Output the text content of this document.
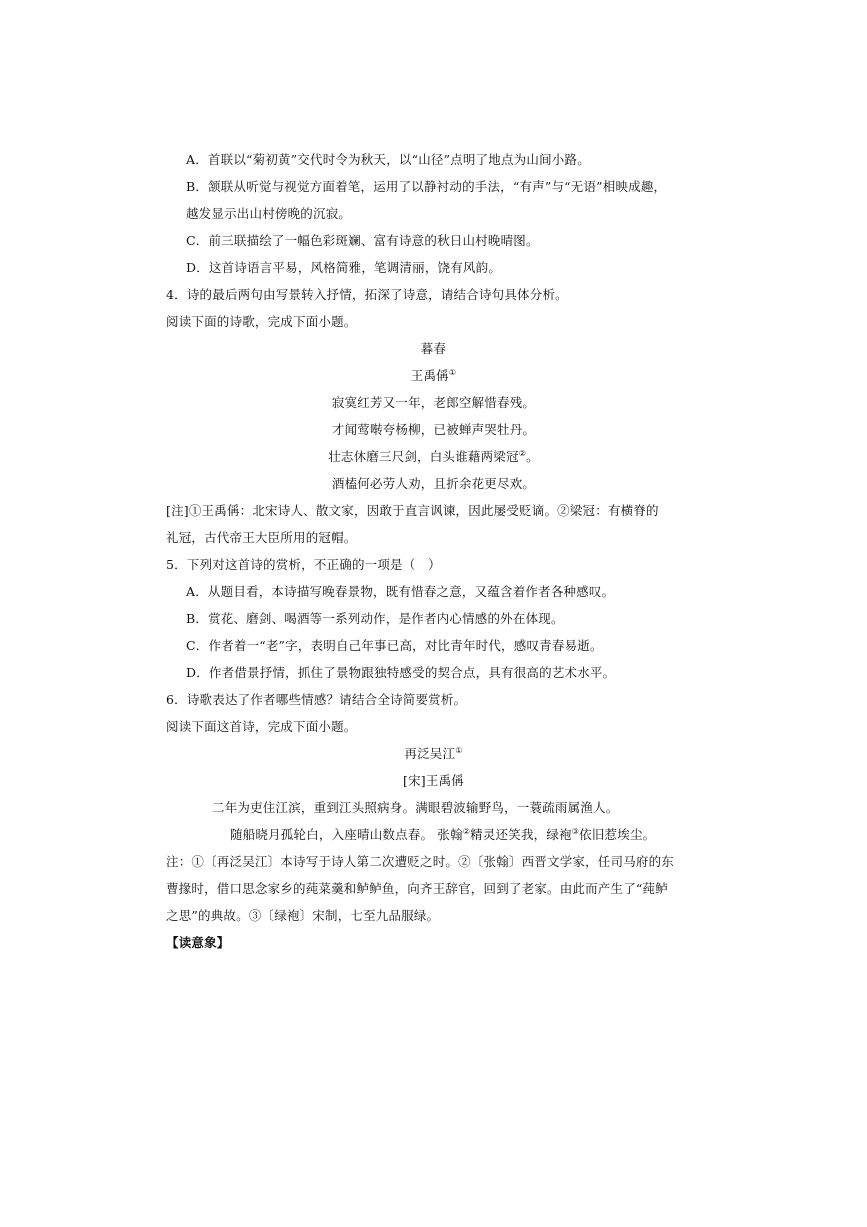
A．首联以“菊初黄”交代时令为秋天，以“山径”点明了地点为山间小路。
B．颔联从听觉与视觉方面着笔，运用了以静衬动的手法，“有声”与“无语”相映成趣，
越发显示出山村傍晚的沉寂。
C．前三联描绘了一幅色彩斑斓、富有诗意的秋日山村晚晴图。
D．这首诗语言平易，风格简雅，笔调清丽，饶有风韵。
4．诗的最后两句由写景转入抒情，拓深了诗意，请结合诗句具体分析。
阅读下面的诗歌，完成下面小题。
暮春
王禹偁①
寂寞红芳又一年，老郎空解惜春残。
才闻莺啭夸杨柳，已被蝉声哭牡丹。
壮志休磨三尺剑，白头谁藉两梁冠②。
酒榼何必劳人劝，且折余花更尽欢。
[注]①王禹偁：北宋诗人、散文家，因敢于直言讽谏，因此屡受贬谪。②梁冠：有横脊的
礼冠，古代帝王大臣所用的冠帽。
5．下列对这首诗的赏析，不正确的一项是（　）
A．从题目看，本诗描写晚春景物，既有惜春之意，又蕴含着作者各种感叹。
B．赏花、磨剑、喝酒等一系列动作，是作者内心情感的外在体现。
C．作者着一“老”字，表明自己年事已高，对比青年时代，感叹青春易逝。
D．作者借景抒情，抓住了景物跟独特感受的契合点，具有很高的艺术水平。
6．诗歌表达了作者哪些情感？请结合全诗简要赏析。
阅读下面这首诗，完成下面小题。
再泛吴江①
[宋]王禹偁
二年为吏住江滨，重到江头照病身。满眼碧波输野鸟，一蓑疏雨属渔人。
随船晓月孤轮白，入座晴山数点春。 张翰②精灵还笑我，绿袍③依旧惹埃尘。
注：①〔再泛吴江〕本诗写于诗人第二次遭贬之时。②〔张翰〕西晋文学家，任司马府的东
曹掾时，借口思念家乡的莼菜羹和鲈鲈鱼，向齐王辞官，回到了老家。由此而产生了“莼鲈
之思”的典故。③〔绿袍〕宋制，七至九品服绿。
【读意象】
